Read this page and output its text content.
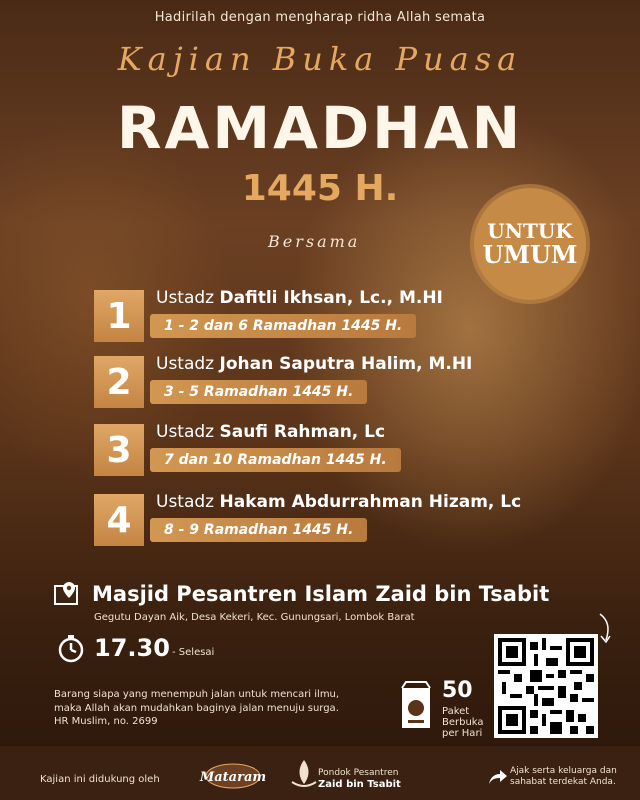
Hadirilah dengan mengharap ridha Allah semata
Kajian Buka Puasa
RAMADHAN
1445 H.
Bersama	UNTUK
UMUM
1	Ustadz Dafitli Ikhsan, Lc., M.HI
1 - 2 dan 6 Ramadhan 1445 H.
2	Ustadz Johan Saputra Halim, M.HI
3 - 5 Ramadhan 1445 H.
3	Ustadz Saufi Rahman, Lc
7 dan 10 Ramadhan 1445 H.
4	Ustadz Hakam Abdurrahman Hizam, Lc
8 - 9 Ramadhan 1445 H.
Masjid Pesantren Islam Zaid bin Tsabit
Gegutu Dayan Aik, Desa Kekeri, Kec. Gunungsari, Lombok Barat
17.30 - Selesai
Barang siapa yang menempuh jalan untuk mencari ilmu, maka Allah akan mudahkan baginya jalan menuju surga.
HR Muslim, no. 2699
50
Paket Berbuka per Hari
Kajian ini didukung oleh	Mataram	Pondok Pesantren
Zaid bin Tsabit
Ajak serta keluarga dan sahabat terdekat Anda.
